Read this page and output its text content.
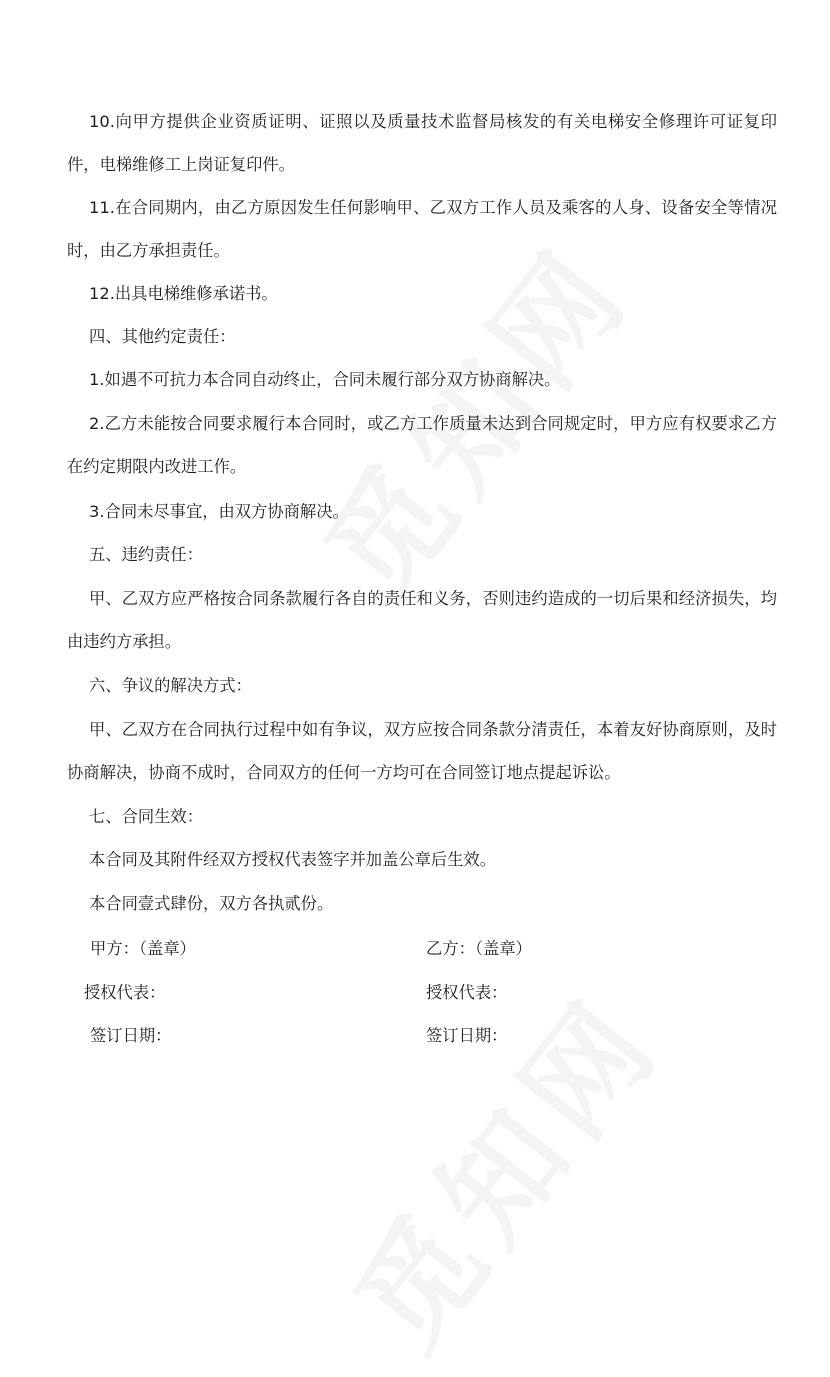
10.向甲方提供企业资质证明、证照以及质量技术监督局核发的有关电梯安全修理许可证复印件，电梯维修工上岗证复印件。

11.在合同期内，由乙方原因发生任何影响甲、乙双方工作人员及乘客的人身、设备安全等情况时，由乙方承担责任。

12.出具电梯维修承诺书。

四、其他约定责任：

1.如遇不可抗力本合同自动终止，合同未履行部分双方协商解决。

2.乙方未能按合同要求履行本合同时，或乙方工作质量未达到合同规定时，甲方应有权要求乙方在约定期限内改进工作。

3.合同未尽事宜，由双方协商解决。

五、违约责任：

甲、乙双方应严格按合同条款履行各自的责任和义务，否则违约造成的一切后果和经济损失，均由违约方承担。

六、争议的解决方式：

甲、乙双方在合同执行过程中如有争议，双方应按合同条款分清责任，本着友好协商原则，及时协商解决，协商不成时，合同双方的任何一方均可在合同签订地点提起诉讼。

七、合同生效：

本合同及其附件经双方授权代表签字并加盖公章后生效。

本合同壹式肆份，双方各执贰份。

甲方：（盖章）	乙方：（盖章）

授权代表：	授权代表：

签订日期：	签订日期：
